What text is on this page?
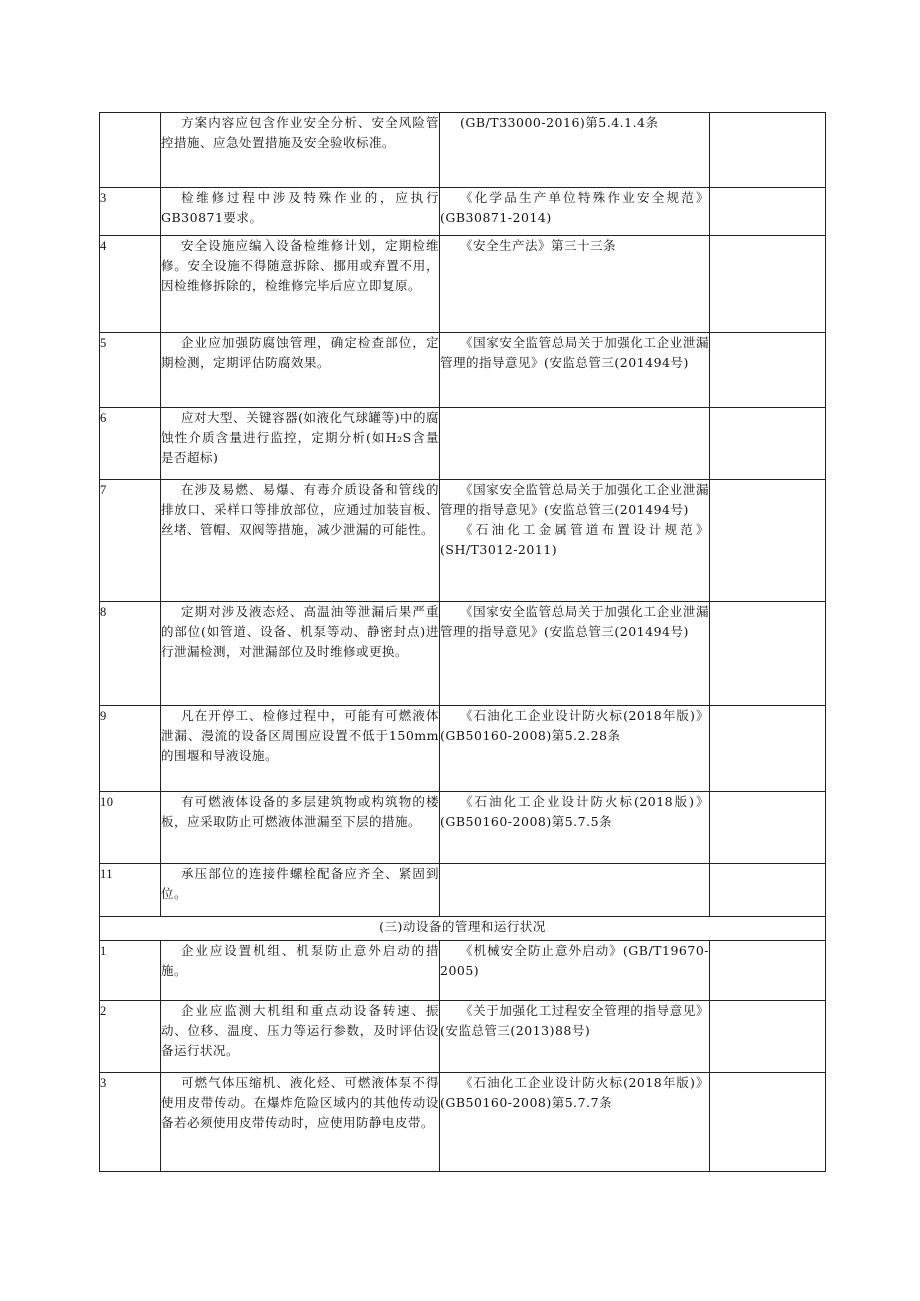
	方案内容应包含作业安全分析、安全风险管控措施、应急处置措施及安全验收标准。	(GB/T33000-2016)第5.4.1.4条	

3	检维修过程中涉及特殊作业的，应执行GB30871要求。	《化学品生产单位特殊作业安全规范》(GB30871-2014)	

4	安全设施应编入设备检维修计划，定期检维修。安全设施不得随意拆除、挪用或弃置不用，因检维修拆除的，检维修完毕后应立即复原。	《安全生产法》第三十三条	

5	企业应加强防腐蚀管理，确定检查部位，定期检测，定期评估防腐效果。	《国家安全监管总局关于加强化工企业泄漏管理的指导意见》(安监总管三(201494号)	

6	应对大型、关键容器(如液化气球罐等)中的腐蚀性介质含量进行监控，定期分析(如H₂S含量是否超标)		

7	在涉及易燃、易爆、有毒介质设备和管线的排放口、采样口等排放部位，应通过加装盲板、丝堵、管帽、双阀等措施，减少泄漏的可能性。	《国家安全监管总局关于加强化工企业泄漏管理的指导意见》(安监总管三(201494号)
《石油化工金属管道布置设计规范》(SH/T3012-2011)	

8	定期对涉及液态烃、高温油等泄漏后果严重的部位(如管道、设备、机泵等动、静密封点)进行泄漏检测，对泄漏部位及时维修或更换。	《国家安全监管总局关于加强化工企业泄漏管理的指导意见》(安监总管三(201494号)	

9	凡在开停工、检修过程中，可能有可燃液体泄漏、漫流的设备区周围应设置不低于150mm的围堰和导液设施。	《石油化工企业设计防火标(2018年版)》(GB50160-2008)第5.2.28条	

10	有可燃液体设备的多层建筑物或构筑物的楼板，应采取防止可燃液体泄漏至下层的措施。	《石油化工企业设计防火标(2018版)》(GB50160-2008)第5.7.5条	

11	承压部位的连接件螺栓配备应齐全、紧固到位。		

(三)动设备的管理和运行状况			
1	企业应设置机组、机泵防止意外启动的措施。	《机械安全防止意外启动》(GB/T19670-2005)	

2	企业应监测大机组和重点动设备转速、振动、位移、温度、压力等运行参数，及时评估设备运行状况。	《关于加强化工过程安全管理的指导意见》(安监总管三(2013)88号)	

3	可燃气体压缩机、液化烃、可燃液体泵不得使用皮带传动。在爆炸危险区域内的其他传动设备若必须使用皮带传动时，应使用防静电皮带。	《石油化工企业设计防火标(2018年版)》(GB50160-2008)第5.7.7条	
